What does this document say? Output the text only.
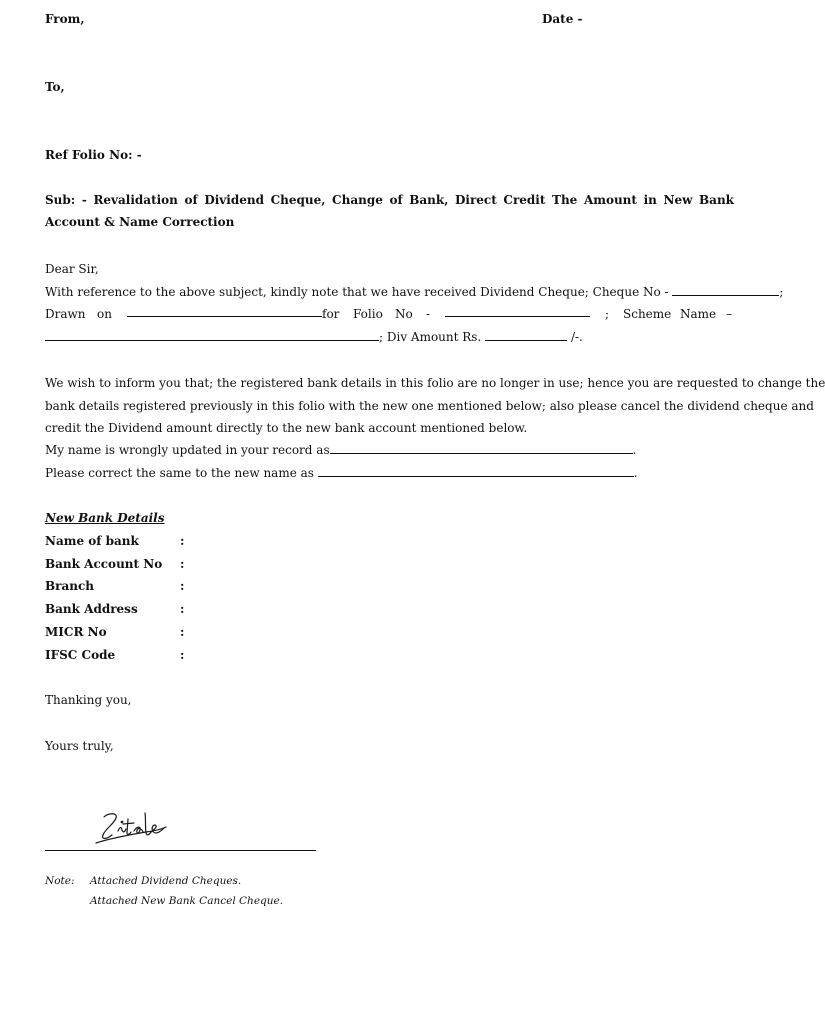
From,	Date -
To,
Ref Folio No: -
Sub: - Revalidation of Dividend Cheque, Change of Bank, Direct Credit The Amount in New Bank Account & Name Correction
Dear Sir,
With reference to the above subject, kindly note that we have received Dividend Cheque; Cheque No -	;
Drawn on	for Folio No -	; Scheme Name –
; Div Amount Rs.	/-.
We wish to inform you that; the registered bank details in this folio are no longer in use; hence you are requested to change the
bank details registered previously in this folio with the new one mentioned below; also please cancel the dividend cheque and
credit the Dividend amount directly to the new bank account mentioned below.
My name is wrongly updated in your record as	.
Please correct the same to the new name as	.
New Bank Details
Name of bank	:
Bank Account No :
Branch	:
Bank Address	:
MICR No	:
IFSC Code	:
Thanking you,
Yours truly,
Note: Attached Dividend Cheques.
Attached New Bank Cancel Cheque.
